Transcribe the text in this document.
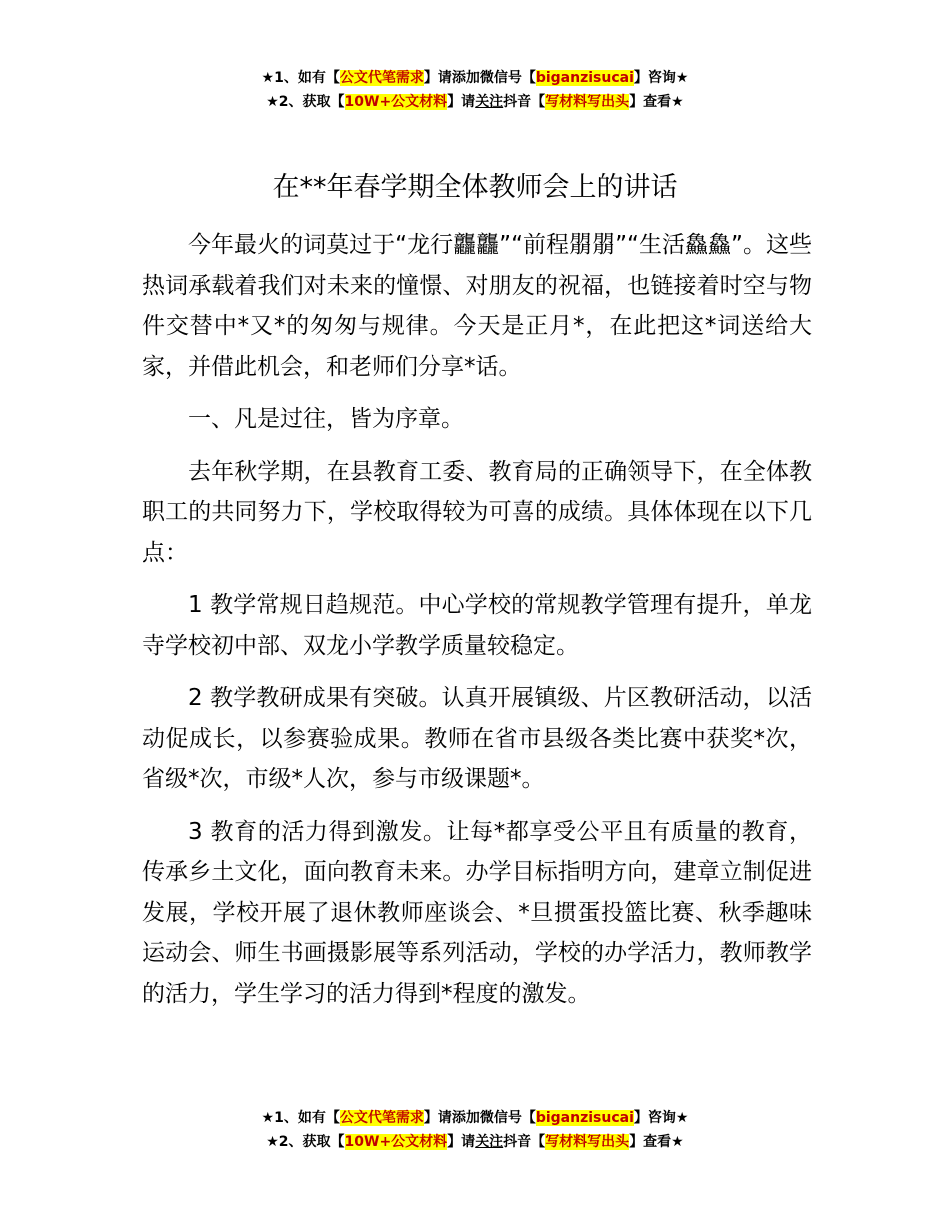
★1、如有【公文代笔需求】请添加微信号【biganzisucai】咨询★
★2、获取【10W+公文材料】请关注抖音【写材料写出头】查看★
在**年春学期全体教师会上的讲话

今年最火的词莫过于“龙行龘龘”“前程朤朤”“生活鱻鱻”。这些热词承载着我们对未来的憧憬、对朋友的祝福，也链接着时空与物件交替中*又*的匆匆与规律。今天是正月*，在此把这*词送给大家，并借此机会，和老师们分享*话。

一、凡是过往，皆为序章。

去年秋学期，在县教育工委、教育局的正确领导下，在全体教职工的共同努力下，学校取得较为可喜的成绩。具体体现在以下几点：

1 教学常规日趋规范。中心学校的常规教学管理有提升，单龙寺学校初中部、双龙小学教学质量较稳定。

2 教学教研成果有突破。认真开展镇级、片区教研活动，以活动促成长，以参赛验成果。教师在省市县级各类比赛中获奖*次，省级*次，市级*人次，参与市级课题*。

3 教育的活力得到激发。让每*都享受公平且有质量的教育，传承乡土文化，面向教育未来。办学目标指明方向，建章立制促进发展，学校开展了退休教师座谈会、*旦掼蛋投篮比赛、秋季趣味运动会、师生书画摄影展等系列活动，学校的办学活力，教师教学的活力，学生学习的活力得到*程度的激发。

★1、如有【公文代笔需求】请添加微信号【biganzisucai】咨询★
★2、获取【10W+公文材料】请关注抖音【写材料写出头】查看★
